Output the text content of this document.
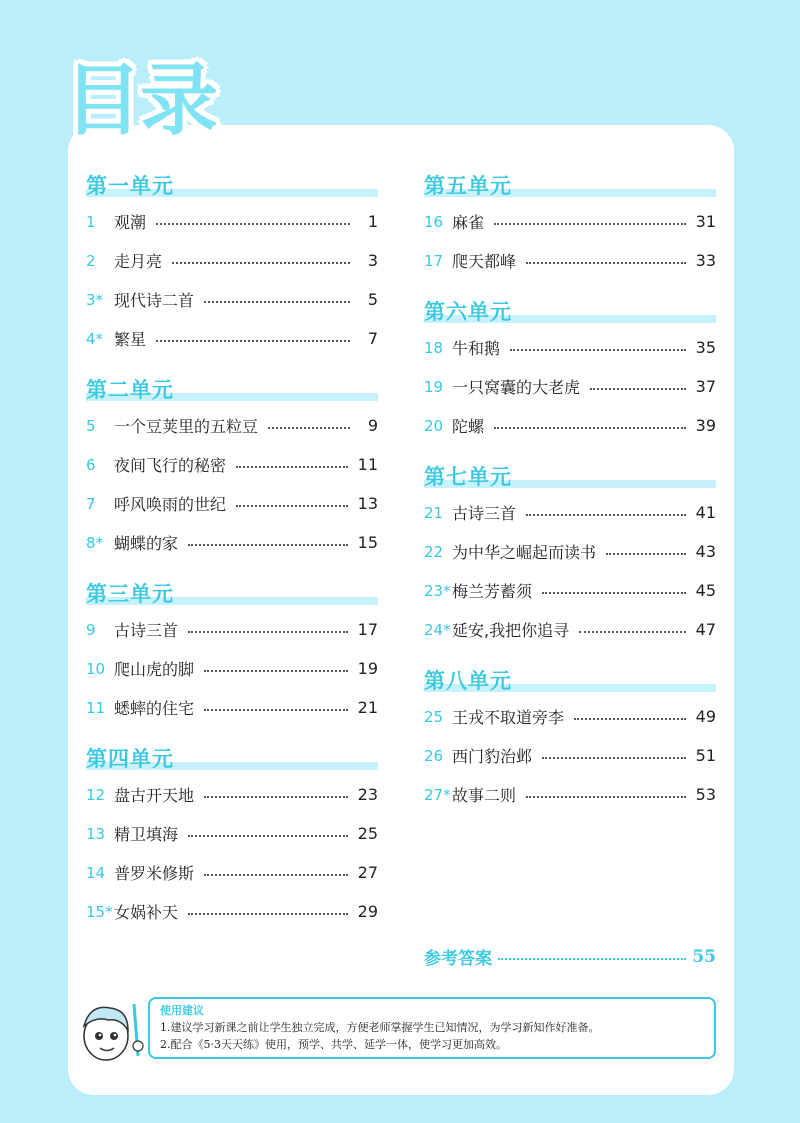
目录
第一单元
1	观潮	1
2	走月亮	3
3* 现代诗二首	5
4* 繁星	7
第二单元
5	一个豆荚里的五粒豆	9
6	夜间飞行的秘密	11
7	呼风唤雨的世纪	13
8* 蝴蝶的家	15
第三单元
9	古诗三首	17
10 爬山虎的脚	19
11 蟋蟀的住宅	21
第四单元
12 盘古开天地	23
13 精卫填海	25
14 普罗米修斯	27
15* 女娲补天	29
第五单元
16 麻雀	31
17 爬天都峰	33
第六单元
18 牛和鹅	35
19 一只窝囊的大老虎	37
20 陀螺	39
第七单元
21 古诗三首	41
22 为中华之崛起而读书	43
23* 梅兰芳蓄须	45
24* 延安,我把你追寻	47
第八单元
25 王戎不取道旁李	49
26 西门豹治邺	51
27* 故事二则	53
参考答案	55
使用建议
1.建议学习新课之前让学生独立完成，方便老师掌握学生已知情况，为学习新知作好准备。
2.配合《5·3天天练》使用，预学、共学、延学一体，使学习更加高效。
